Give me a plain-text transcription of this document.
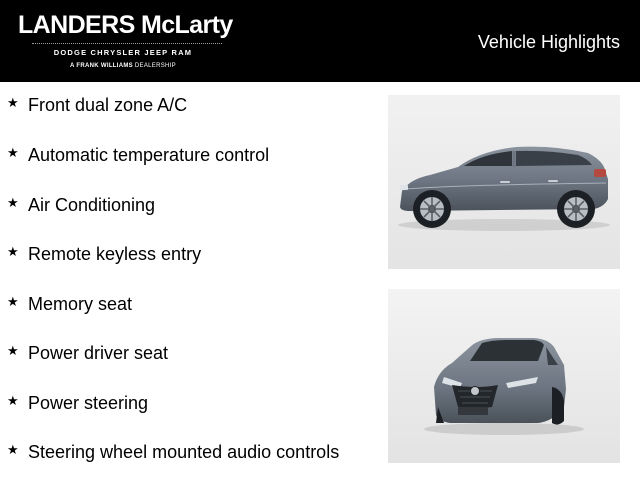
LANDERS McLarty
DODGE CHRYSLER JEEP RAM
A FRANK WILLIAMS DEALERSHIP
Vehicle Highlights
★ Front dual zone A/C
★ Automatic temperature control
★ Air Conditioning
★ Remote keyless entry
★ Memory seat
★ Power driver seat
★ Power steering
★ Steering wheel mounted audio controls
